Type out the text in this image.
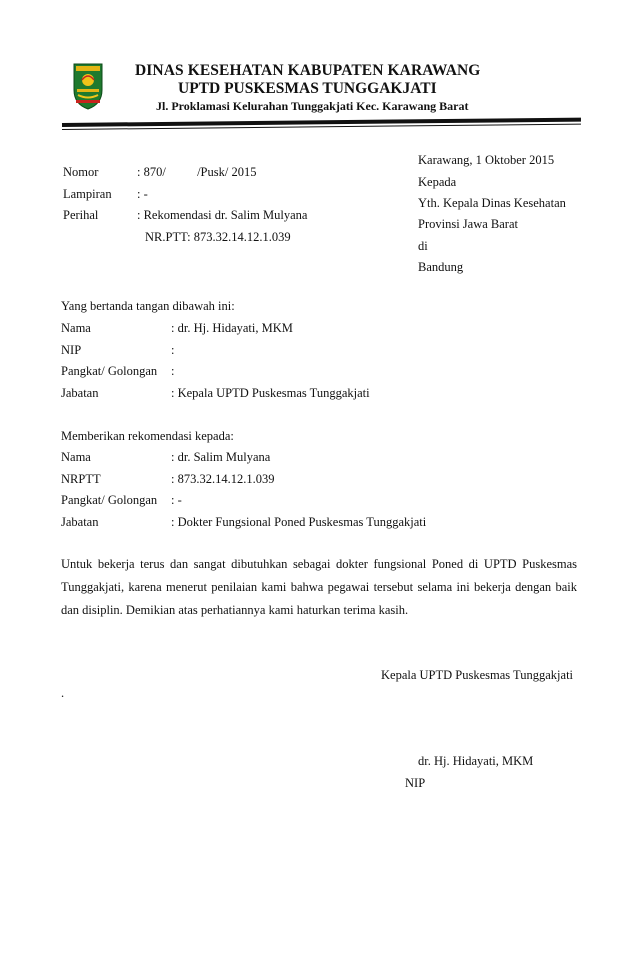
DINAS KESEHATAN KABUPATEN KARAWANG
UPTD PUSKESMAS TUNGGAKJATI
Jl. Proklamasi Kelurahan Tunggakjati Kec. Karawang Barat
Karawang, 1 Oktober 2015
Kepada
Yth. Kepala Dinas Kesehatan
Provinsi Jawa Barat
di
Bandung
Nomor	: 870/          /Pusk/ 2015
Lampiran : -
Perihal	: Rekomendasi dr. Salim Mulyana
NR.PTT: 873.32.14.12.1.039
Yang bertanda tangan dibawah ini:
Nama	: dr. Hj. Hidayati, MKM
NIP	:
Pangkat/ Golongan :
Jabatan	: Kepala UPTD Puskesmas Tunggakjati
Memberikan rekomendasi kepada:
Nama	: dr. Salim Mulyana
NRPTT	: 873.32.14.12.1.039
Pangkat/ Golongan : -
Jabatan	: Dokter Fungsional Poned Puskesmas Tunggakjati
Untuk bekerja terus dan sangat dibutuhkan sebagai dokter fungsional Poned di UPTD Puskesmas Tunggakjati, karena menerut penilaian kami bahwa pegawai tersebut selama ini bekerja dengan baik dan disiplin. Demikian atas perhatiannya kami haturkan terima kasih.
Kepala UPTD Puskesmas Tunggakjati
.
dr. Hj. Hidayati, MKM
NIP
